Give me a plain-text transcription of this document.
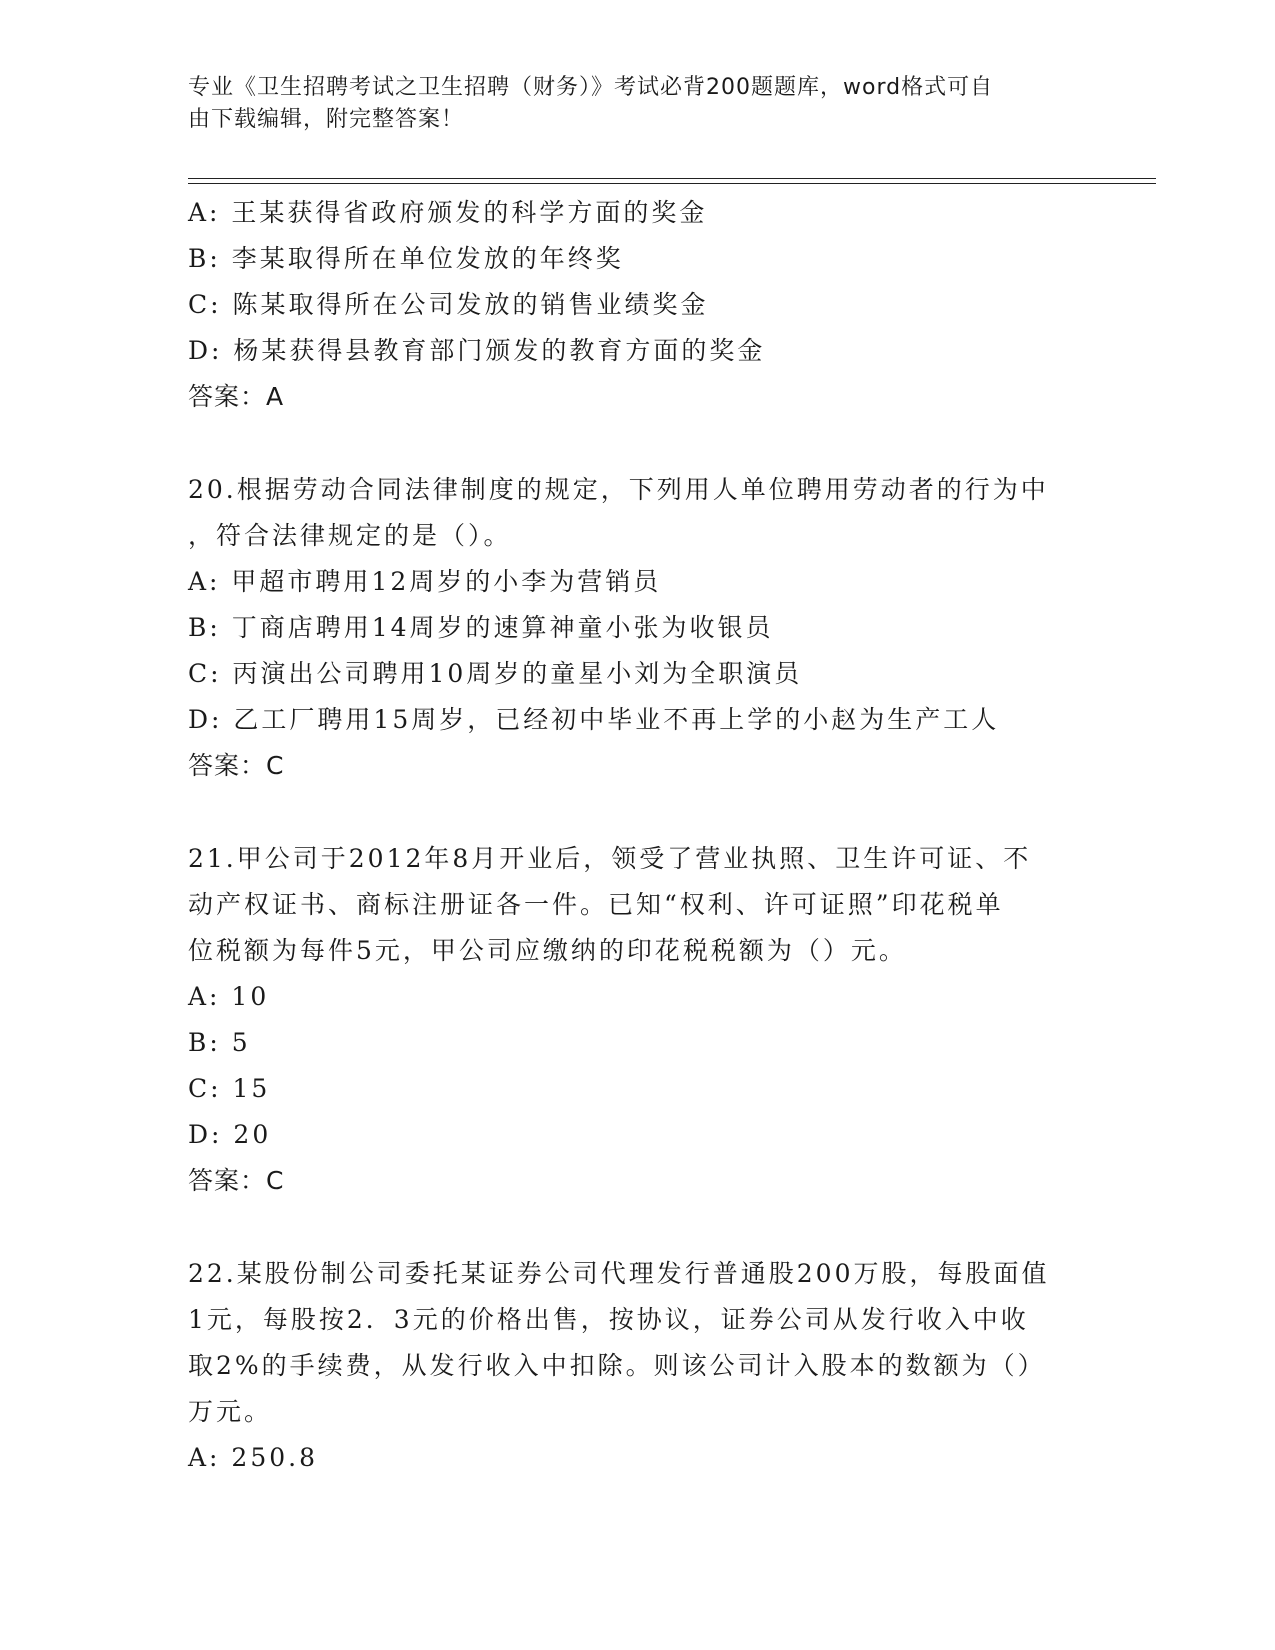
专业《卫生招聘考试之卫生招聘（财务）》考试必背200题题库，word格式可自
由下载编辑，附完整答案！
A: 王某获得省政府颁发的科学方面的奖金
B: 李某取得所在单位发放的年终奖
C: 陈某取得所在公司发放的销售业绩奖金
D: 杨某获得县教育部门颁发的教育方面的奖金
答案：A
20.根据劳动合同法律制度的规定，下列用人单位聘用劳动者的行为中
，符合法律规定的是（）。
A: 甲超市聘用12周岁的小李为营销员
B: 丁商店聘用14周岁的速算神童小张为收银员
C: 丙演出公司聘用10周岁的童星小刘为全职演员
D: 乙工厂聘用15周岁，已经初中毕业不再上学的小赵为生产工人
答案：C
21.甲公司于2012年8月开业后，领受了营业执照、卫生许可证、不
动产权证书、商标注册证各一件。已知“权利、许可证照”印花税单
位税额为每件5元，甲公司应缴纳的印花税税额为（）元。
A: 10
B: 5
C: 15
D: 20
答案：C
22.某股份制公司委托某证券公司代理发行普通股200万股，每股面值
1元，每股按2．3元的价格出售，按协议，证券公司从发行收入中收
取2%的手续费，从发行收入中扣除。则该公司计入股本的数额为（）
万元。
A: 250.8
